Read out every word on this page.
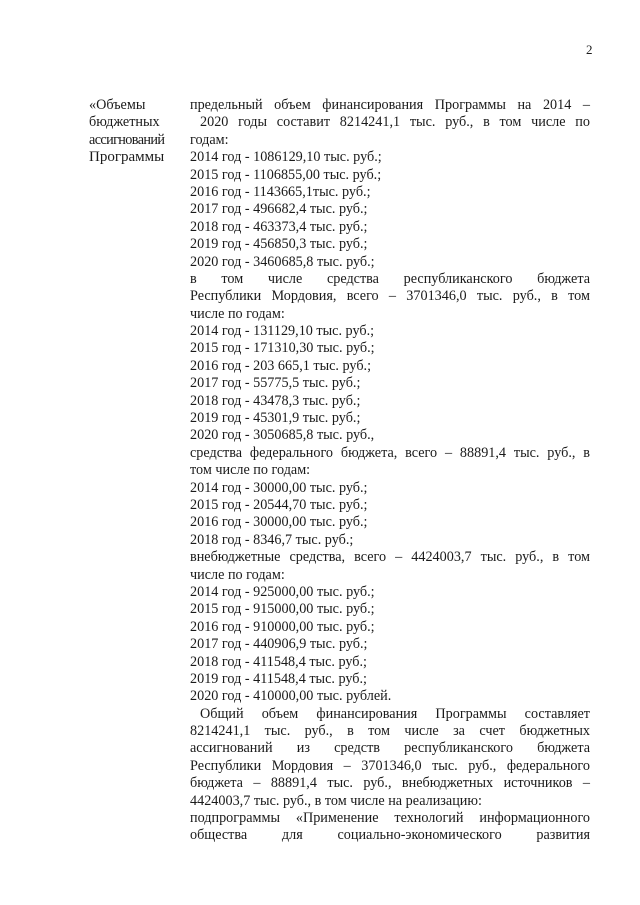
2
«Объемы
бюджетных
ассигнований
Программы
предельный объем финансирования Программы на 2014 –
2020 годы составит 8214241,1 тыс. руб., в том числе по
годам:
2014 год - 1086129,10 тыс. руб.;
2015 год - 1106855,00 тыс. руб.;
2016 год - 1143665,1тыс. руб.;
2017 год - 496682,4 тыс. руб.;
2018 год - 463373,4 тыс. руб.;
2019 год - 456850,3 тыс. руб.;
2020 год - 3460685,8 тыс. руб.;
в том числе средства республиканского бюджета
Республики Мордовия, всего – 3701346,0 тыс. руб., в том
числе по годам:
2014 год - 131129,10 тыс. руб.;
2015 год - 171310,30 тыс. руб.;
2016 год - 203 665,1 тыс. руб.;
2017 год - 55775,5 тыс. руб.;
2018 год - 43478,3 тыс. руб.;
2019 год - 45301,9 тыс. руб.;
2020 год - 3050685,8 тыс. руб.,
средства федерального бюджета, всего – 88891,4 тыс. руб., в
том числе по годам:
2014 год - 30000,00 тыс. руб.;
2015 год - 20544,70 тыс. руб.;
2016 год - 30000,00 тыс. руб.;
2018 год - 8346,7 тыс. руб.;
внебюджетные средства, всего – 4424003,7 тыс. руб., в том
числе по годам:
2014 год - 925000,00 тыс. руб.;
2015 год - 915000,00 тыс. руб.;
2016 год - 910000,00 тыс. руб.;
2017 год - 440906,9 тыс. руб.;
2018 год - 411548,4 тыс. руб.;
2019 год - 411548,4 тыс. руб.;
2020 год - 410000,00 тыс. рублей.
Общий объем финансирования Программы составляет
8214241,1 тыс. руб., в том числе за счет бюджетных
ассигнований из средств республиканского бюджета
Республики Мордовия – 3701346,0 тыс. руб., федерального
бюджета – 88891,4 тыс. руб., внебюджетных источников –
4424003,7 тыс. руб., в том числе на реализацию:
подпрограммы «Применение технологий информационного
общества для социально-экономического развития
